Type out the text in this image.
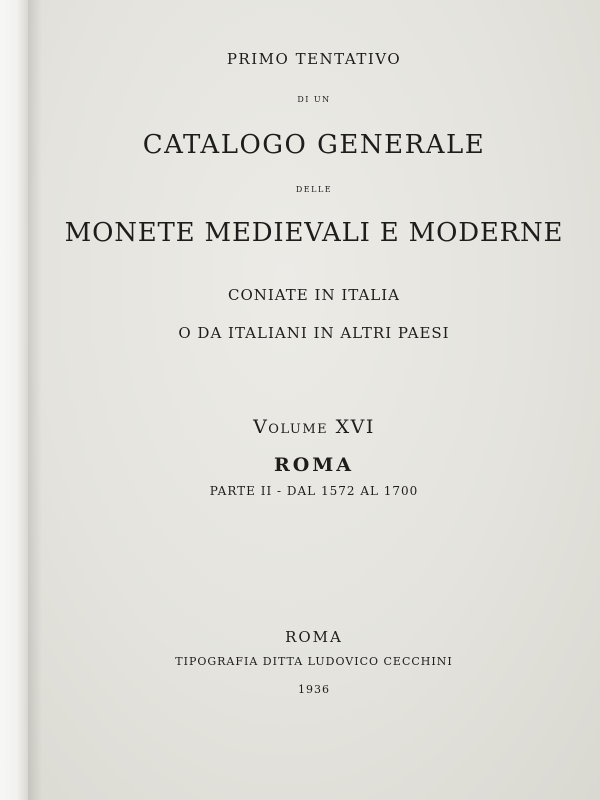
PRIMO TENTATIVO
DI UN
CATALOGO GENERALE
DELLE
MONETE MEDIEVALI E MODERNE
CONIATE IN ITALIA
O DA ITALIANI IN ALTRI PAESI
Volume XVI
ROMA
PARTE II - DAL 1572 AL 1700
ROMA
TIPOGRAFIA DITTA LUDOVICO CECCHINI
1936
